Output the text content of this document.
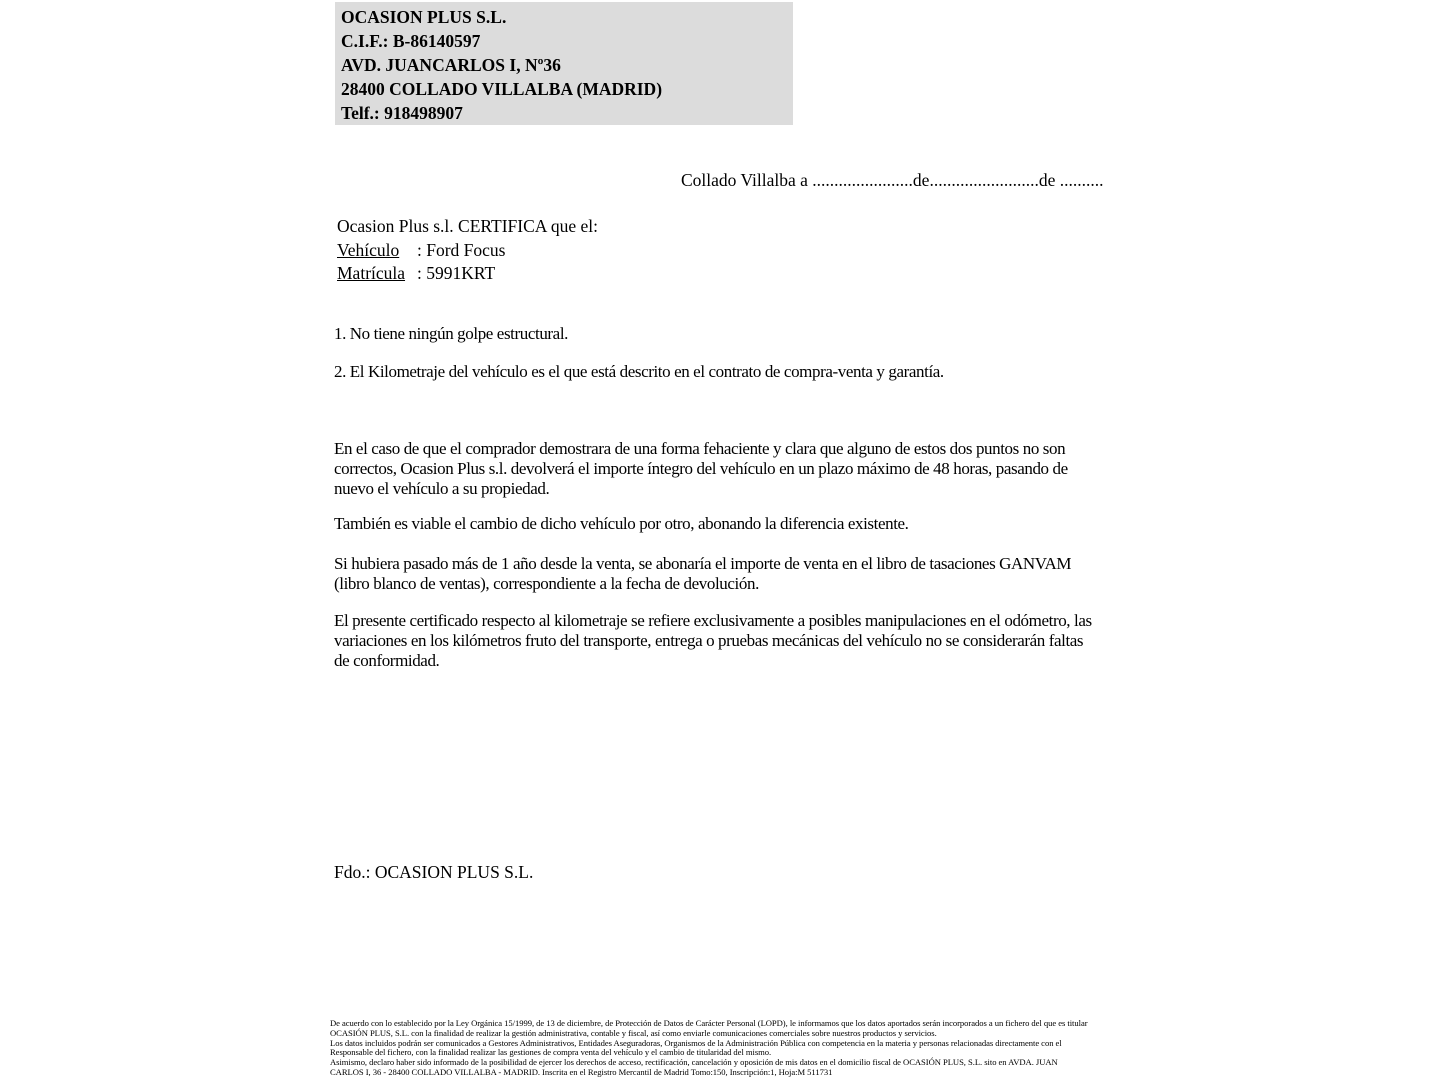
OCASION PLUS S.L.
C.I.F.: B-86140597
AVD. JUANCARLOS I, Nº36
28400 COLLADO VILLALBA (MADRID)
Telf.: 918498907
Collado Villalba a .......................de.........................de ..........
Ocasion Plus s.l. CERTIFICA que el:
Vehículo : Ford Focus
Matrícula : 5991KRT
1. No tiene ningún golpe estructural.
2. El Kilometraje del vehículo es el que está descrito en el contrato de compra-venta y garantía.
En el caso de que el comprador demostrara de una forma fehaciente y clara que alguno de estos dos puntos no son correctos, Ocasion Plus s.l. devolverá el importe íntegro del vehículo en un plazo máximo de 48 horas, pasando de nuevo el vehículo a su propiedad.
También es viable el cambio de dicho vehículo por otro, abonando la diferencia existente.
Si hubiera pasado más de 1 año desde la venta, se abonaría el importe de venta en el libro de tasaciones GANVAM (libro blanco de ventas), correspondiente a la fecha de devolución.
El presente certificado respecto al kilometraje se refiere exclusivamente a posibles manipulaciones en el odómetro, las variaciones en los kilómetros fruto del transporte, entrega o pruebas mecánicas del vehículo no se considerarán faltas de conformidad.
Fdo.: OCASION PLUS S.L.
De acuerdo con lo establecido por la Ley Orgánica 15/1999, de 13 de diciembre, de Protección de Datos de Carácter Personal (LOPD), le informamos que los datos aportados serán incorporados a un fichero del que es titular
OCASIÓN PLUS, S.L. con la finalidad de realizar la gestión administrativa, contable y fiscal, así como enviarle comunicaciones comerciales sobre nuestros productos y servicios.
Los datos incluidos podrán ser comunicados a Gestores Administrativos, Entidades Aseguradoras, Organismos de la Administración Pública con competencia en la materia y personas relacionadas directamente con el
Responsable del fichero, con la finalidad realizar las gestiones de compra venta del vehículo y el cambio de titularidad del mismo.
Asimismo, declaro haber sido informado de la posibilidad de ejercer los derechos de acceso, rectificación, cancelación y oposición de mis datos en el domicilio fiscal de OCASIÓN PLUS, S.L. sito en AVDA. JUAN
CARLOS I, 36 - 28400 COLLADO VILLALBA - MADRID. Inscrita en el Registro Mercantil de Madrid Tomo:150, Inscripción:1, Hoja:M 511731
